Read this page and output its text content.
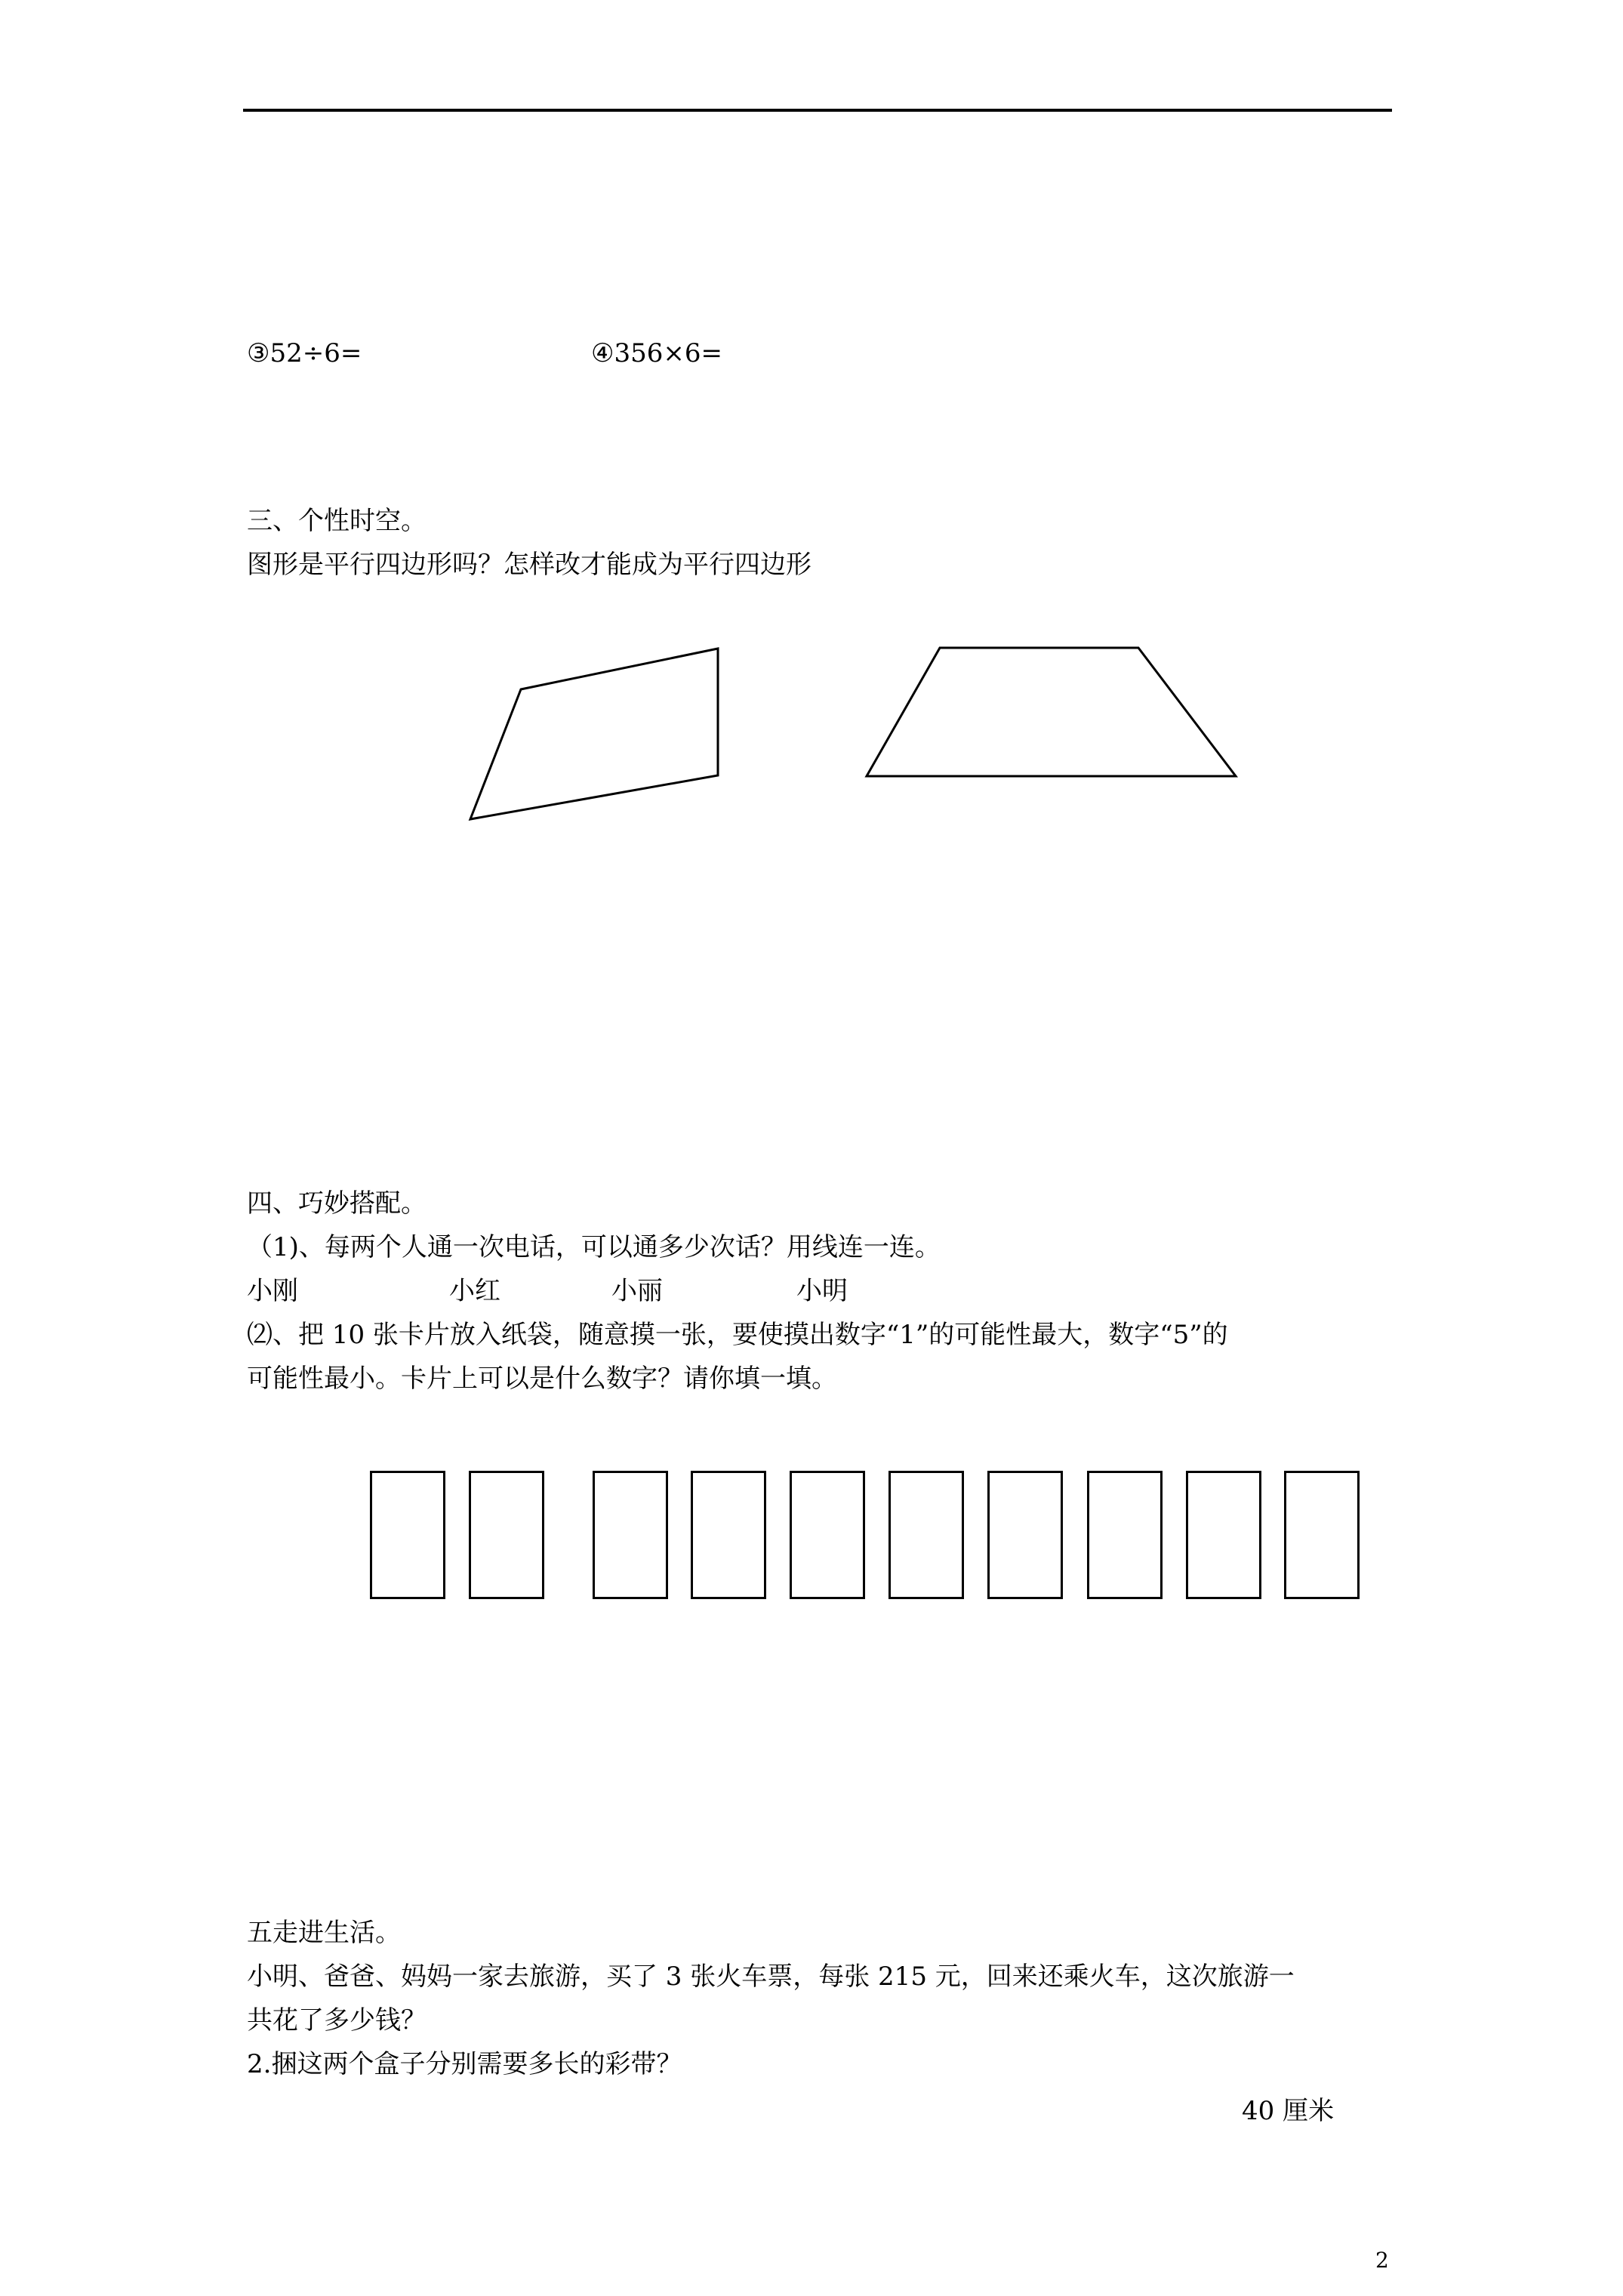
③52÷6=	④356×6=
三、个性时空。
图形是平行四边形吗？怎样改才能成为平行四边形
四、巧妙搭配。
（1)、每两个人通一次电话，可以通多少次话？用线连一连。
小刚	小红	小丽	小明
⑵、把 10 张卡片放入纸袋，随意摸一张，要使摸出数字“1”的可能性最大，数字“5”的
可能性最小。卡片上可以是什么数字？请你填一填。
五走进生活。
小明、爸爸、妈妈一家去旅游，买了 3 张火车票，每张 215 元，回来还乘火车，这次旅游一
共花了多少钱？
2.捆这两个盒子分别需要多长的彩带？
40 厘米
2
